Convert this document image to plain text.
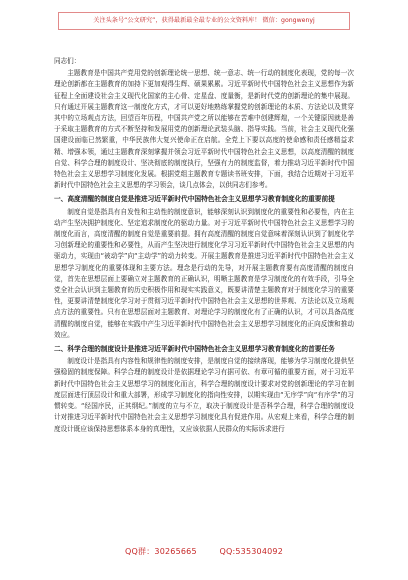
关注头条号“公文研究”，获得最新最全最专业的公文资料库！ 微信：gongwenyj
同志们：

主题教育是中国共产党用党的创新理论统一思想、统一意志、统一行动的制度化表现，党的每一次理论创新都在主题教育的加持下更加观得生辉、硕果累累。习近平新时代中国特色社会主义思想作为新征程上全面建设社会主义现代化国家的主心骨、定星盘、度量衡，是新时代党的创新理论的集中展现。只有通过开展主题教育这一制度化方式，才可以更好地熟练掌握党的创新理论的本质、方法论以及贯穿其中的立场观点方法，回望百年历程，中国共产党之所以能够在苦难中创建辉煌，一个关键原因就是善于采取主题教育的方式不断坚持和发展用党的创新理论武装头脑、指导实践。当前，社会主义现代化强国建设面临已然繁重，中华民族伟大复兴使命正在启航。全党上下要以高度的使命感和责任感精益求精、增强本领，通过主题教育深刻掌握并领会习近平新时代中国特色社会主义思想，以高度清醒的制度自觉、科学合理的制度设计、坚决彻底的制度执行，坚强有力的制度监督，着力推动习近平新时代中国特色社会主义思想学习制度化发展。根据党组主题教育专题读书班安排，下面，我结合近期对于习近平新时代中国特色社会主义思想的学习领会，谈几点体会，以供同志们参考。

一、高度清醒的制度自觉是推进习近平新时代中国特色社会主义思想学习教育制度化的重要前提

制度自觉是指具有自发性和主动性的制度意识，能够深刻认识到制度化的重要性和必要性，内在主动产生坚决拥护制度化、坚定追求制度化的驱动力量。对于习近平新时代中国特色社会主义思想学习的制度化而言，高度清醒的制度自觉是重要前提。拥有高度清醒的制度自觉意味着深刻认识到了制度化学习创新理论的重要性和必要性，从而产生坚决进行制度化学习习近平新时代中国特色社会主义思想的内驱动力，实现由“被动学”向“主动学”的动力转变。开展主题教育是推进习近平新时代中国特色社会主义思想学习制度化的重要体现和主要方法。理念是行动的先导，对开展主题教育要有高度清醒的制度自觉，首先在思想层面上要确立对主题教育的正确认识，明晰主题教育是学习制度化的有效手段，引导全党全社会认识到主题教育的历史积极作用和现实实践意义，既要讲清楚主题教育对于制度化学习的重要性，更要讲清楚制度化学习对于贯彻习近平新时代中国特色社会主义思想的世界观、方法论以及立场观点方法的重要性。只有在思想层面对主题教育、对理论学习的制度化有了正确的认识，才可以具备高度清醒的制度自觉，能够在实践中产生习近平新时代中国特色社会主义思想学习制度化的正向反馈和推动效应。

二、科学合理的制度设计是推进习近平新时代中国特色社会主义思想学习教育制度化的首要任务

制度设计是指具有内容性和规律性的制度安排，是制度自觉的接续落现，能够为学习制度化提供坚强稳固的制度保障。科学合理的制度设计是依据理论学习有据可依、有章可循的重要方面，对于习近平新时代中国特色社会主义思想学习的制度化而言，科学合理的制度设计要求对党的创新理论的学习在制度层面进行顶层设计和重大部署，形成学习制度化的指向性安排，以期实现由“无序学”向“有序学”的习惯转变。“经国序民，正其纲纪。”制度的立与不立，取决于制度设计是否科学合理，科学合理的制度设计对推进习近平新时代中国特色社会主义思想学习制度化具有促进作用。从宏观上来看，科学合理的制度设计既应该保持思想体系本身的真理性，又应该依据人民群众的实际诉求进行

QQ群：30265665	QQ:535304092
